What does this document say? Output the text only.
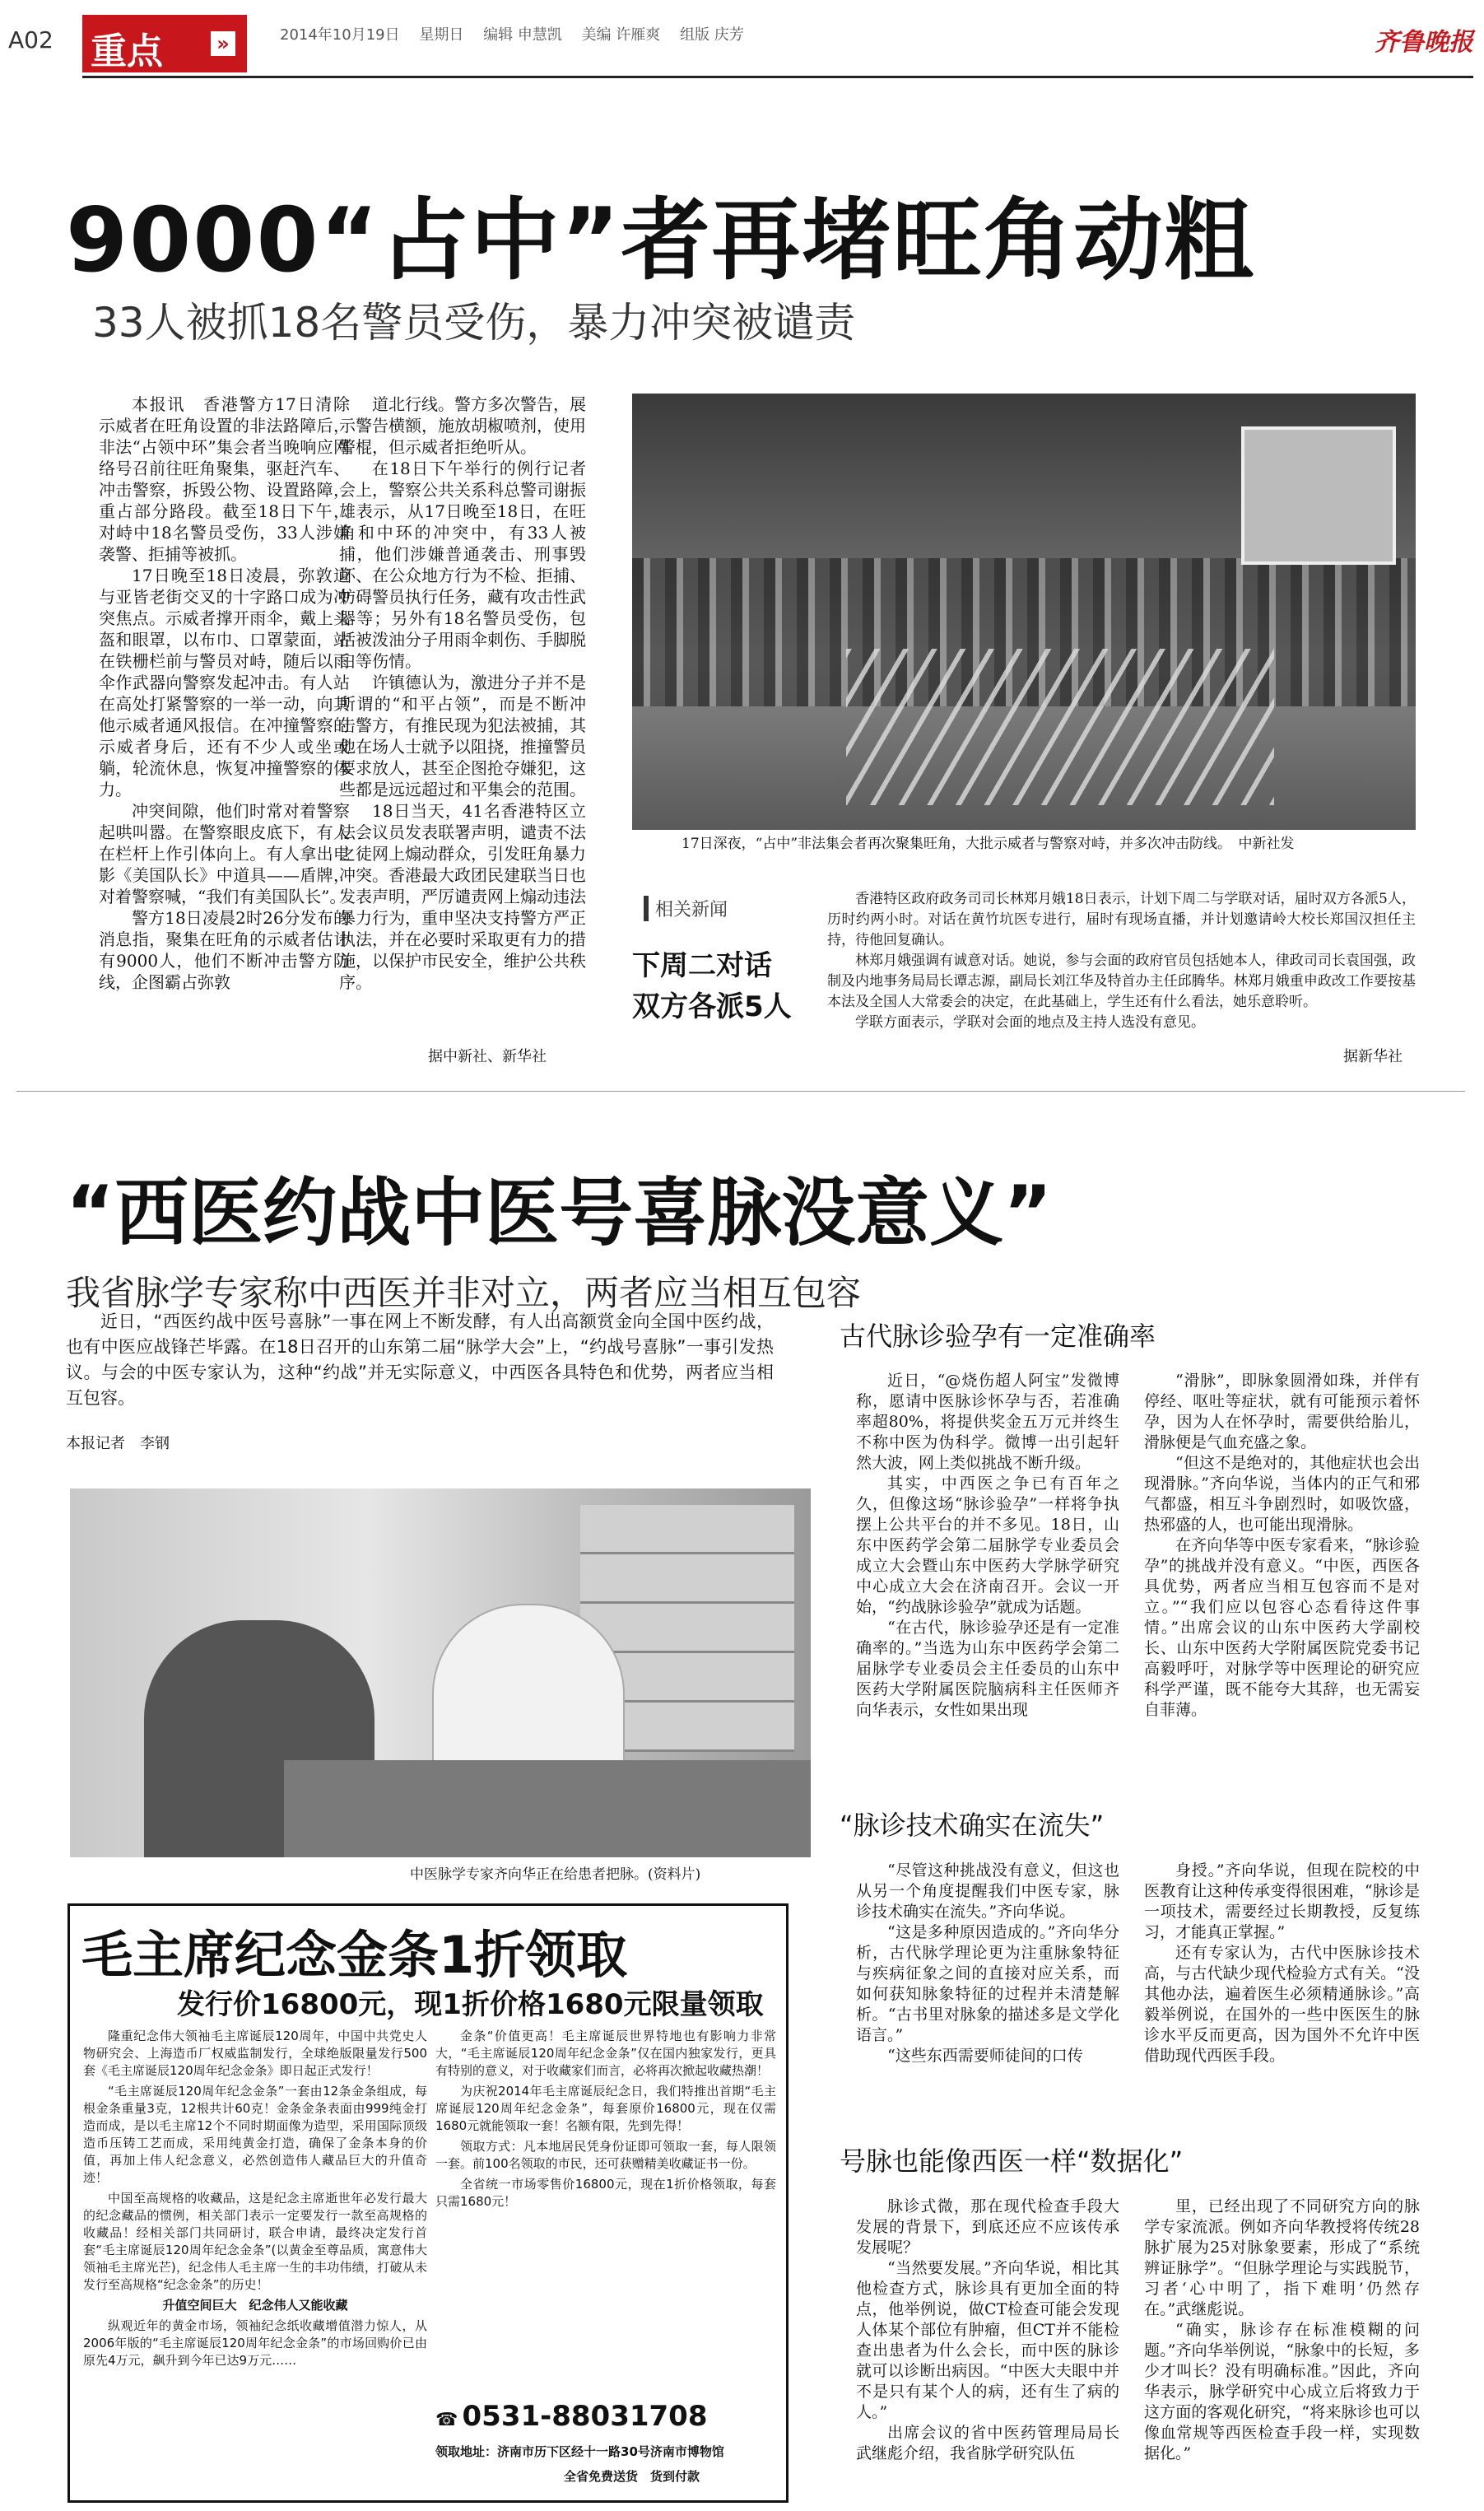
A02 重点	»	2014年10月19日　 星期日　 编辑 申慧凯　 美编 许雁爽　 组版 庆芳	齐鲁晚报
9000“占中”者再堵旺角动粗
33人被抓18名警员受伤，暴力冲突被谴责

本报讯　香港警方17日清除示威者在旺角设置的非法路障后，非法“占领中环”集会者当晚响应网络号召前往旺角聚集，驱赶汽车、冲击警察，拆毁公物、设置路障，重占部分路段。截至18日下午，对峙中18名警员受伤，33人涉嫌袭警、拒捕等被抓。

17日晚至18日凌晨，弥敦道与亚皆老街交叉的十字路口成为冲突焦点。示威者撑开雨伞，戴上头盔和眼罩，以布巾、口罩蒙面，站在铁栅栏前与警员对峙，随后以雨伞作武器向警察发起冲击。有人站在高处打紧警察的一举一动，向其他示威者通风报信。在冲撞警察的示威者身后，还有不少人或坐或躺，轮流休息，恢复冲撞警察的体力。

冲突间隙，他们时常对着警察起哄叫嚣。在警察眼皮底下，有人在栏杆上作引体向上。有人拿出电影《美国队长》中道具——盾牌，对着警察喊，“我们有美国队长”。

警方18日凌晨2时26分发布的消息指，聚集在旺角的示威者估计有9000人，他们不断冲击警方防线，企图霸占弥敦

道北行线。警方多次警告，展示警告横额，施放胡椒喷剂，使用警棍，但示威者拒绝听从。

在18日下午举行的例行记者会上，警察公共关系科总警司谢振雄表示，从17日晚至18日，在旺角和中环的冲突中，有33人被捕，他们涉嫌普通袭击、刑事毁坏、在公众地方行为不检、拒捕、妨碍警员执行任务，藏有攻击性武器等；另外有18名警员受伤，包括被泼油分子用雨伞刺伤、手脚脱臼等伤情。

许镇德认为，激进分子并不是所谓的“和平占领”，而是不断冲击警方，有推民现为犯法被捕，其他在场人士就予以阻挠，推撞警员要求放人，甚至企图抢夺嫌犯，这些都是远远超过和平集会的范围。

18日当天，41名香港特区立法会议员发表联署声明，谴责不法之徒网上煽动群众，引发旺角暴力冲突。香港最大政团民建联当日也发表声明，严厉谴责网上煽动违法暴力行为，重申坚决支持警方严正执法，并在必要时采取更有力的措施，以保护市民安全，维护公共秩序。

据中新社、新华社
17日深夜，“占中”非法集会者再次聚集旺角，大批示威者与警察对峙，并多次冲击防线。　中新社发
相关新闻
下周二对话
双方各派5人

香港特区政府政务司司长林郑月娥18日表示，计划下周二与学联对话，届时双方各派5人，历时约两小时。对话在黄竹坑医专进行，届时有现场直播，并计划邀请岭大校长郑国汉担任主持，待他回复确认。

林郑月娥强调有诚意对话。她说，参与会面的政府官员包括她本人，律政司司长袁国强，政制及内地事务局局长谭志源，副局长刘江华及特首办主任邱腾华。林郑月娥重申政改工作要按基本法及全国人大常委会的决定，在此基础上，学生还有什么看法，她乐意聆听。

学联方面表示，学联对会面的地点及主持人选没有意见。

据新华社
“西医约战中医号喜脉没意义”
我省脉学专家称中西医并非对立，两者应当相互包容
近日，“西医约战中医号喜脉”一事在网上不断发酵，有人出高额赏金向全国中医约战，也有中医应战锋芒毕露。在18日召开的山东第二届“脉学大会”上，“约战号喜脉”一事引发热议。与会的中医专家认为，这种“约战”并无实际意义，中西医各具特色和优势，两者应当相互包容。
本报记者　李钢
中医脉学专家齐向华正在给患者把脉。(资料片)
古代脉诊验孕有一定准确率

近日，“@烧伤超人阿宝”发微博称，愿请中医脉诊怀孕与否，若准确率超80%，将提供奖金五万元并终生不称中医为伪科学。微博一出引起轩然大波，网上类似挑战不断升级。

其实，中西医之争已有百年之久，但像这场“脉诊验孕”一样将争执摆上公共平台的并不多见。18日，山东中医药学会第二届脉学专业委员会成立大会暨山东中医药大学脉学研究中心成立大会在济南召开。会议一开始，“约战脉诊验孕”就成为话题。

“在古代，脉诊验孕还是有一定准确率的。”当选为山东中医药学会第二届脉学专业委员会主任委员的山东中医药大学附属医院脑病科主任医师齐向华表示，女性如果出现

“滑脉”，即脉象圆滑如珠，并伴有停经、呕吐等症状，就有可能预示着怀孕，因为人在怀孕时，需要供给胎儿，滑脉便是气血充盛之象。

“但这不是绝对的，其他症状也会出现滑脉。”齐向华说，当体内的正气和邪气都盛，相互斗争剧烈时，如吸饮盛，热邪盛的人，也可能出现滑脉。

在齐向华等中医专家看来，“脉诊验孕”的挑战并没有意义。“中医，西医各具优势，两者应当相互包容而不是对立。”“我们应以包容心态看待这件事情。”出席会议的山东中医药大学副校长、山东中医药大学附属医院党委书记高毅呼吁，对脉学等中医理论的研究应科学严谨，既不能夸大其辞，也无需妄自菲薄。

“脉诊技术确实在流失”

“尽管这种挑战没有意义，但这也从另一个角度提醒我们中医专家，脉诊技术确实在流失。”齐向华说。

“这是多种原因造成的。”齐向华分析，古代脉学理论更为注重脉象特征与疾病征象之间的直接对应关系，而如何获知脉象特征的过程并未清楚解析。“古书里对脉象的描述多是文学化语言。”

“这些东西需要师徒间的口传

身授。”齐向华说，但现在院校的中医教育让这种传承变得很困难，“脉诊是一项技术，需要经过长期教授，反复练习，才能真正掌握。”

还有专家认为，古代中医脉诊技术高，与古代缺少现代检验方式有关。“没其他办法，遍着医生必须精通脉诊。”高毅举例说，在国外的一些中医医生的脉诊水平反而更高，因为国外不允许中医借助现代西医手段。

号脉也能像西医一样“数据化”

脉诊式微，那在现代检查手段大发展的背景下，到底还应不应该传承发展呢？

“当然要发展。”齐向华说，相比其他检查方式，脉诊具有更加全面的特点，他举例说，做CT检查可能会发现人体某个部位有肿瘤，但CT并不能检查出患者为什么会长，而中医的脉诊就可以诊断出病因。“中医大夫眼中并不是只有某个人的病，还有生了病的人。”

出席会议的省中医药管理局局长武继彪介绍，我省脉学研究队伍

里，已经出现了不同研究方向的脉学专家流派。例如齐向华教授将传统28脉扩展为25对脉象要素，形成了“系统辨证脉学”。“但脉学理论与实践脱节，习者‘心中明了，指下难明’仍然存在。”武继彪说。

“确实，脉诊存在标准模糊的问题。”齐向华举例说，“脉象中的长短，多少才叫长？没有明确标准。”因此，齐向华表示，脉学研究中心成立后将致力于这方面的客观化研究，“将来脉诊也可以像血常规等西医检查手段一样，实现数据化。”

毛主席纪念金条1折领取
发行价16800元，现1折价格1680元限量领取

隆重纪念伟大领袖毛主席诞辰120周年，中国中共党史人物研究会、上海造币厂权威监制发行，全球绝版限量发行500套《毛主席诞辰120周年纪念金条》即日起正式发行！

“毛主席诞辰120周年纪念金条”一套由12条金条组成，每根金条重量3克，12根共计60克！金条金条表面由999纯金打造而成，是以毛主席12个不同时期面像为造型，采用国际顶级造币压铸工艺而成，采用纯黄金打造，确保了金条本身的价值，再加上伟人纪念意义，必然创造伟人藏品巨大的升值奇迹！

中国至高规格的收藏品，这是纪念主席逝世年必发行最大的纪念藏品的惯例，相关部门表示一定要发行一款至高规格的收藏品！经相关部门共同研讨，联合申请，最终决定发行首套“毛主席诞辰120周年纪念金条”(以黄金至尊品质，寓意伟大领袖毛主席光芒)，纪念伟人毛主席一生的丰功伟绩，打破从未发行至高规格“纪念金条”的历史！

升值空间巨大　纪念伟人又能收藏

纵观近年的黄金市场，领袖纪念纸收藏增值潜力惊人，从2006年版的“毛主席诞辰120周年纪念金条”的市场回购价已由原先4万元，飙升到今年已达9万元……

金条“价值更高！毛主席诞辰世界特地也有影响力非常大，“毛主席诞辰120周年纪念金条”仅在国内独家发行，更具有特别的意义，对于收藏家们而言，必将再次掀起收藏热潮！

为庆祝2014年毛主席诞辰纪念日，我们特推出首期“毛主席诞辰120周年纪念金条”，每套原价16800元，现在仅需1680元就能领取一套！名额有限，先到先得！

领取方式：凡本地居民凭身份证即可领取一套，每人限领一套。前100名领取的市民，还可获赠精美收藏证书一份。

全省统一市场零售价16800元，现在1折价格领取，每套只需1680元！

☎ 0531-88031708
领取地址：济南市历下区经十一路30号济南市博物馆
全省免费送货　货到付款
